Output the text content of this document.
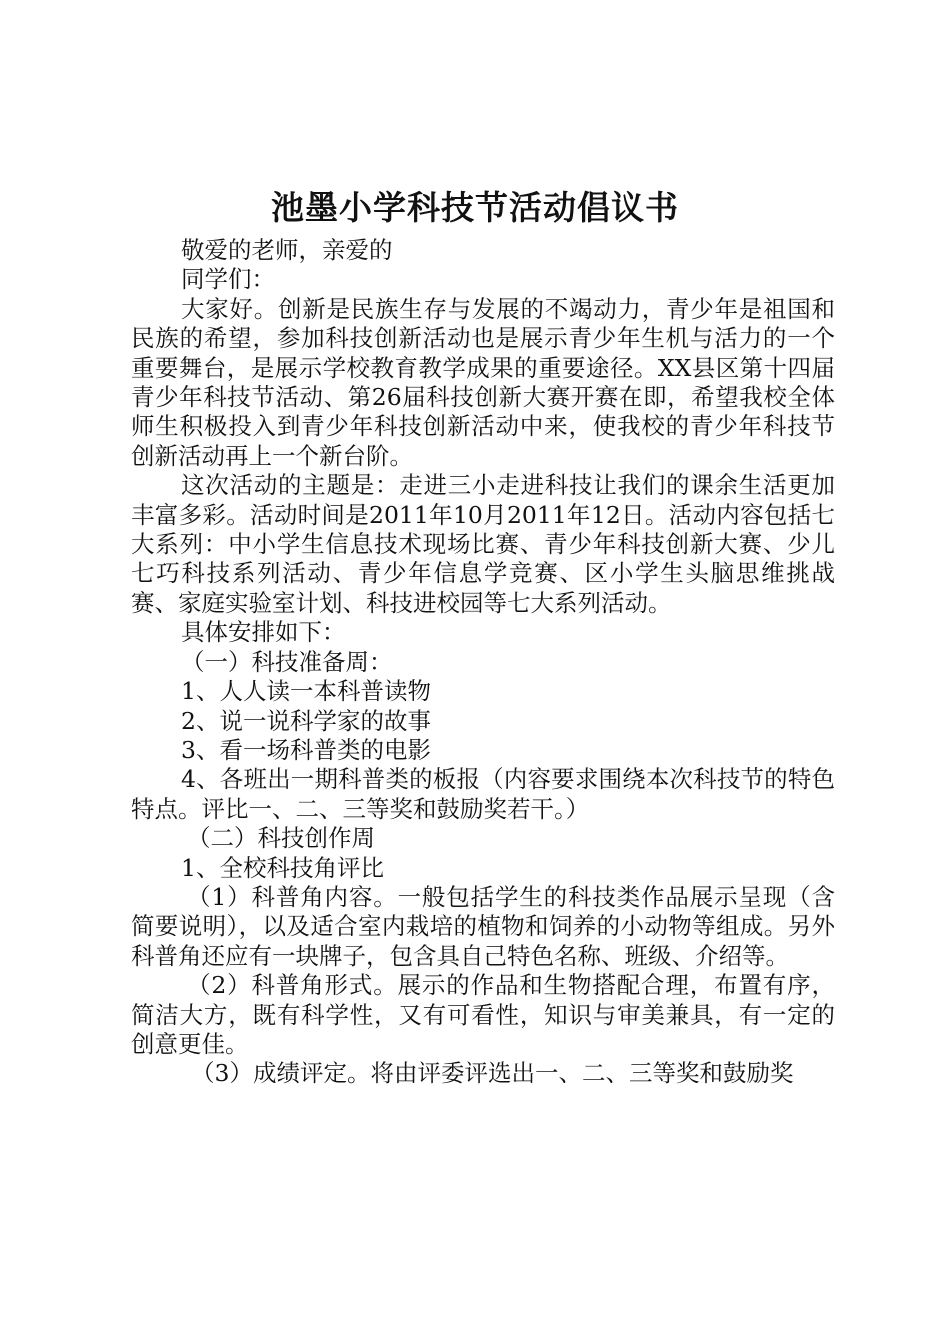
池墨小学科技节活动倡议书

敬爱的老师，亲爱的

同学们：

大家好。创新是民族生存与发展的不竭动力，青少年是祖国和民族的希望，参加科技创新活动也是展示青少年生机与活力的一个重要舞台，是展示学校教育教学成果的重要途径。XX县区第十四届青少年科技节活动、第26届科技创新大赛开赛在即，希望我校全体师生积极投入到青少年科技创新活动中来，使我校的青少年科技节创新活动再上一个新台阶。

这次活动的主题是：走进三小走进科技让我们的课余生活更加丰富多彩。活动时间是2011年10月2011年12日。活动内容包括七大系列：中小学生信息技术现场比赛、青少年科技创新大赛、少儿七巧科技系列活动、青少年信息学竞赛、区小学生头脑思维挑战赛、家庭实验室计划、科技进校园等七大系列活动。

具体安排如下：

（一）科技准备周：

1、人人读一本科普读物

2、说一说科学家的故事

3、看一场科普类的电影

4、各班出一期科普类的板报（内容要求围绕本次科技节的特色特点。评比一、二、三等奖和鼓励奖若干。）

（二）科技创作周

1、全校科技角评比

（1）科普角内容。一般包括学生的科技类作品展示呈现（含简要说明），以及适合室内栽培的植物和饲养的小动物等组成。另外科普角还应有一块牌子，包含具自己特色名称、班级、介绍等。

（2）科普角形式。展示的作品和生物搭配合理，布置有序，简洁大方，既有科学性，又有可看性，知识与审美兼具，有一定的创意更佳。

（3）成绩评定。将由评委评选出一、二、三等奖和鼓励奖
